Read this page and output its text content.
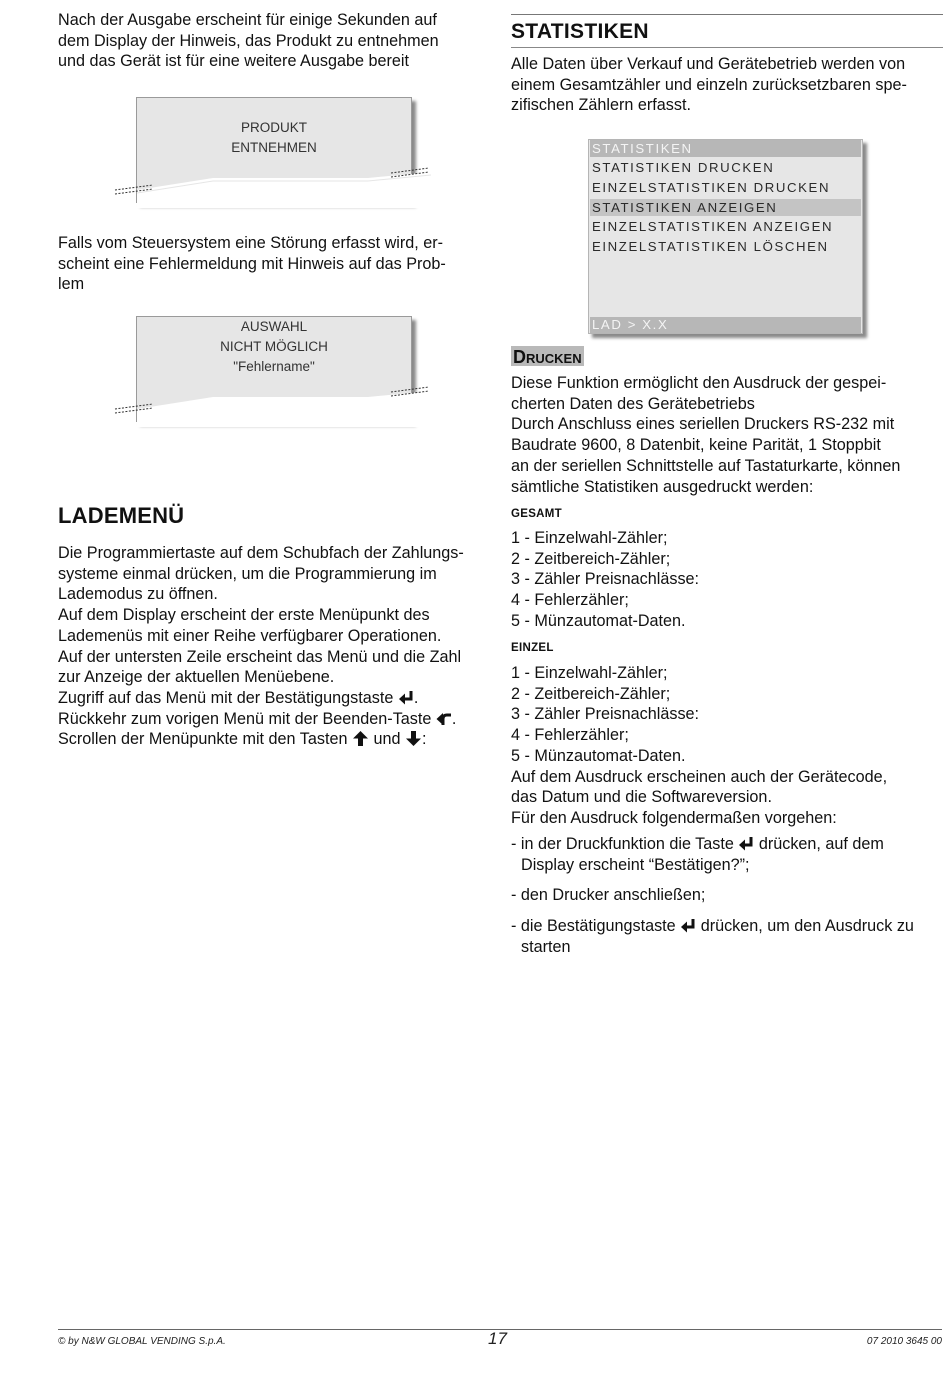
Nach der Ausgabe erscheint für einige Sekunden auf
dem Display der Hinweis, das Produkt zu entnehmen
und das Gerät ist für eine weitere Ausgabe bereit
PRODUKT
ENTNEHMEN
Falls vom Steuersystem eine Störung erfasst wird, er-
scheint eine Fehlermeldung mit Hinweis auf das Prob-
lem
AUSWAHL
NICHT MÖGLICH
"Fehlername"
LADEMENÜ
Die Programmiertaste auf dem Schubfach der Zahlungs-
systeme einmal drücken, um die Programmierung im
Lademodus zu öffnen.
Auf dem Display erscheint der erste Menüpunkt des
Lademenüs mit einer Reihe verfügbarer Operationen.
Auf der untersten Zeile erscheint das Menü und die Zahl
zur Anzeige der aktuellen Menüebene.
Zugriff auf das Menü mit der Bestätigungstaste .
Rückkehr zum vorigen Menü mit der Beenden-Taste .
Scrollen der Menüpunkte mit den Tasten und :
STATISTIKEN
Alle Daten über Verkauf und Gerätebetrieb werden von
einem Gesamtzähler und einzeln zurücksetzbaren spe-
zifischen Zählern erfasst.
STATISTIKEN
STATISTIKEN DRUCKEN
EINZELSTATISTIKEN DRUCKEN
STATISTIKEN ANZEIGEN
EINZELSTATISTIKEN ANZEIGEN
EINZELSTATISTIKEN LÖSCHEN
LAD > X.X
DRUCKEN
Diese Funktion ermöglicht den Ausdruck der gespei-
cherten Daten des Gerätebetriebs
Durch Anschluss eines seriellen Druckers RS-232 mit
Baudrate 9600, 8 Datenbit, keine Parität, 1 Stoppbit
an der seriellen Schnittstelle auf Tastaturkarte, können
sämtliche Statistiken ausgedruckt werden:
GESAMT
1 - Einzelwahl-Zähler;
2 - Zeitbereich-Zähler;
3 - Zähler Preisnachlässe:
4 - Fehlerzähler;
5 - Münzautomat-Daten.
EINZEL
1 - Einzelwahl-Zähler;
2 - Zeitbereich-Zähler;
3 - Zähler Preisnachlässe:
4 - Fehlerzähler;
5 - Münzautomat-Daten.
Auf dem Ausdruck erscheinen auch der Gerätecode,
das Datum und die Softwareversion.
Für den Ausdruck folgendermaßen vorgehen:
- in der Druckfunktion die Taste drücken, auf dem
Display erscheint “Bestätigen?”;
- den Drucker anschließen;
- die Bestätigungstaste drücken, um den Ausdruck zu
starten
© by N&W GLOBAL VENDING S.p.A.	17	07 2010 3645 00
